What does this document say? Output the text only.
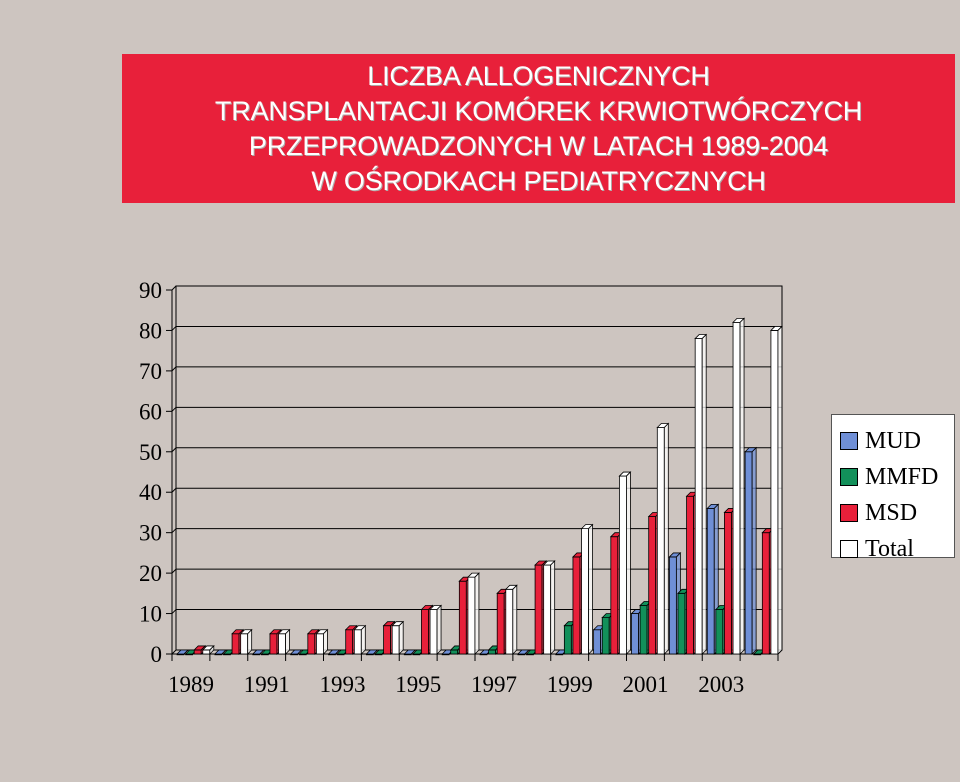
LICZBA ALLOGENICZNYCH
TRANSPLANTACJI KOMÓREK KRWIOTWÓRCZYCH
PRZEPROWADZONYCH W LATACH 1989-2004
W OŚRODKACH PEDIATRYCZNYCH
0
10
20
30
40
50
60
70
80
90
1989 1991 1993 1995 1997 1999 2001 2003
MUD
MMFD
MSD
Total
